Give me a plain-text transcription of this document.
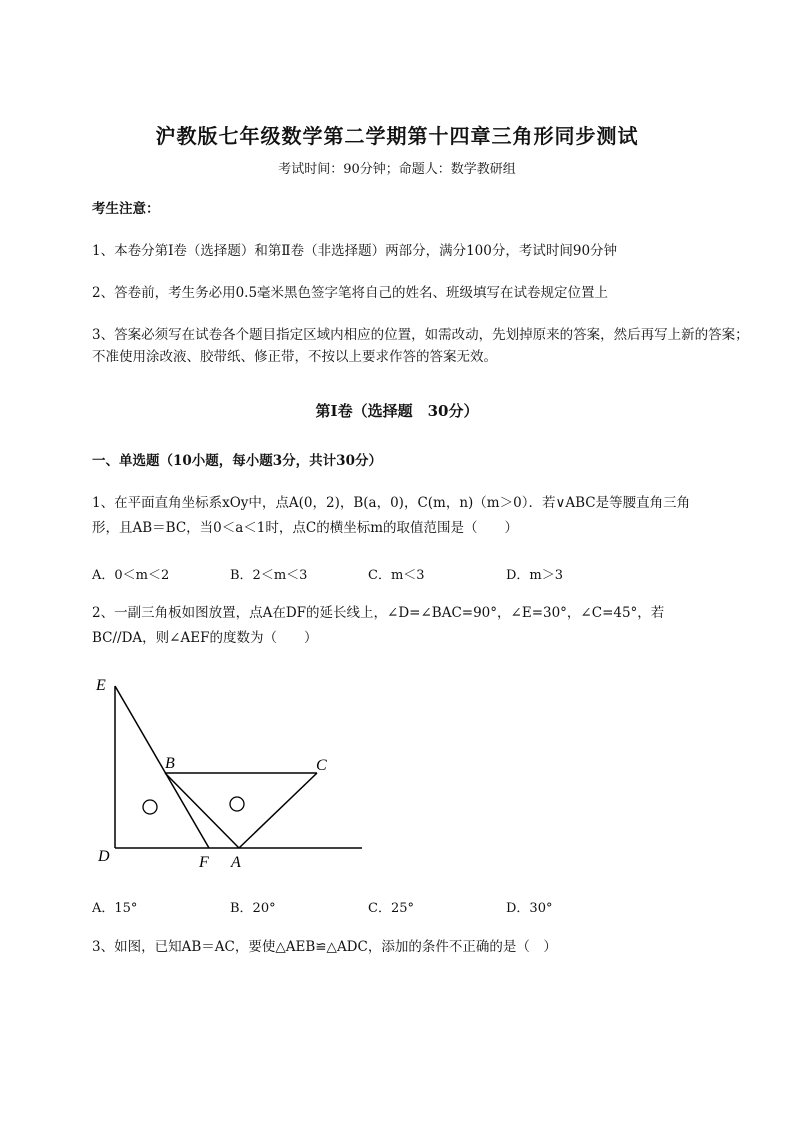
沪教版七年级数学第二学期第十四章三角形同步测试
考试时间：90分钟；命题人：数学教研组
考生注意：
1、本卷分第I卷（选择题）和第Ⅱ卷（非选择题）两部分，满分100分，考试时间90分钟
2、答卷前，考生务必用0.5毫米黑色签字笔将自己的姓名、班级填写在试卷规定位置上
3、答案必须写在试卷各个题目指定区域内相应的位置，如需改动，先划掉原来的答案，然后再写上新的答案；不准使用涂改液、胶带纸、修正带，不按以上要求作答的答案无效。
第I卷（选择题　30分）
一、单选题（10小题，每小题3分，共计30分）
1、在平面直角坐标系xOy中，点A(0，2)，B(a，0)，C(m，n)（m＞0）．若∨ABC是等腰直角三角
形，且AB＝BC，当0＜a＜1时，点C的横坐标m的取值范围是（　　）
A．0＜m＜2	B．2＜m＜3	C．m＜3	D．m＞3
2、一副三角板如图放置，点A在DF的延长线上，∠D=∠BAC=90°，∠E=30°，∠C=45°，若
BC//DA，则∠AEF的度数为（　　）
E
B	C
D	F A
A．15°	B．20°	C．25°	D．30°
3、如图，已知AB＝AC，要使△AEB≌△ADC，添加的条件不正确的是（　）
